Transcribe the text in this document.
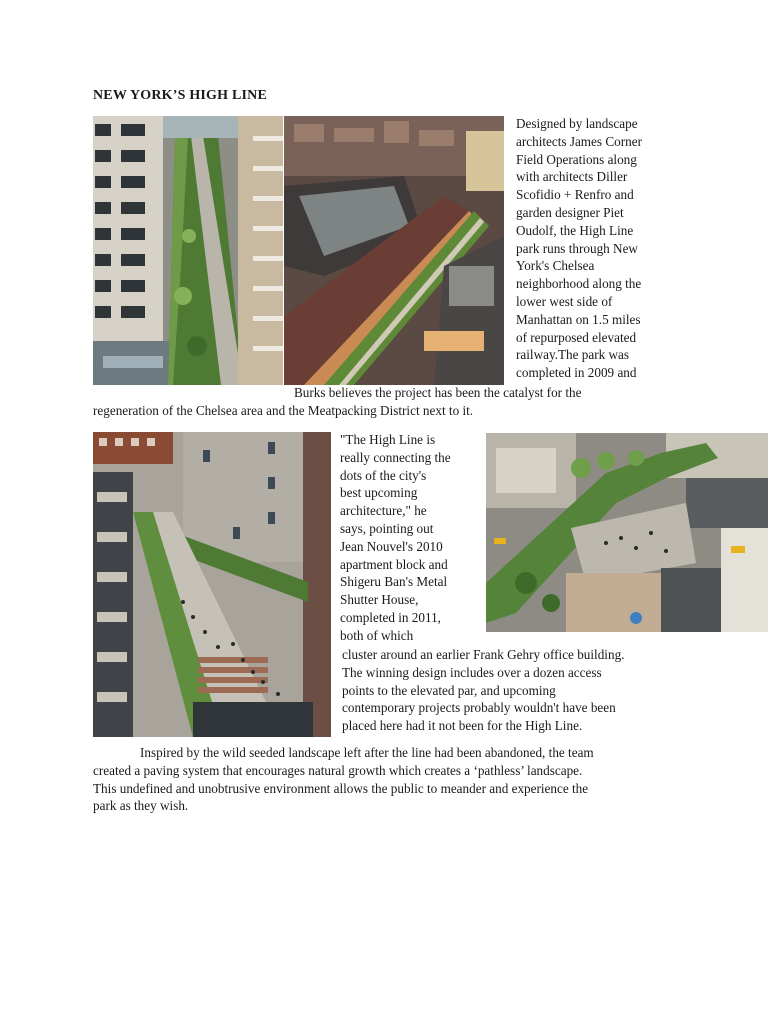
NEW YORK’S HIGH LINE
Designed by landscape
architects James Corner
Field Operations along
with architects Diller
Scofidio + Renfro and
garden designer Piet
Oudolf, the High Line
park runs through New
York's Chelsea
neighborhood along the
lower west side of
Manhattan on 1.5 miles
of repurposed elevated
railway.The park was
completed in 2009 and
Burks believes the project has been the catalyst for the
regeneration of the Chelsea area and the Meatpacking District next to it.
"The High Line is
really connecting the
dots of the city's
best upcoming
architecture," he
says, pointing out
Jean Nouvel's 2010
apartment block and
Shigeru Ban's Metal
Shutter House,
completed in 2011,
both of which
cluster around an earlier Frank Gehry office building.
The winning design includes over a dozen access
points to the elevated par, and upcoming
contemporary projects probably wouldn't have been
placed here had it not been for the High Line.
Inspired by the wild seeded landscape left after the line had been abandoned, the team
created a paving system that encourages natural growth which creates a ‘pathless’ landscape.
This undefined and unobtrusive environment allows the public to meander and experience the
park as they wish.
